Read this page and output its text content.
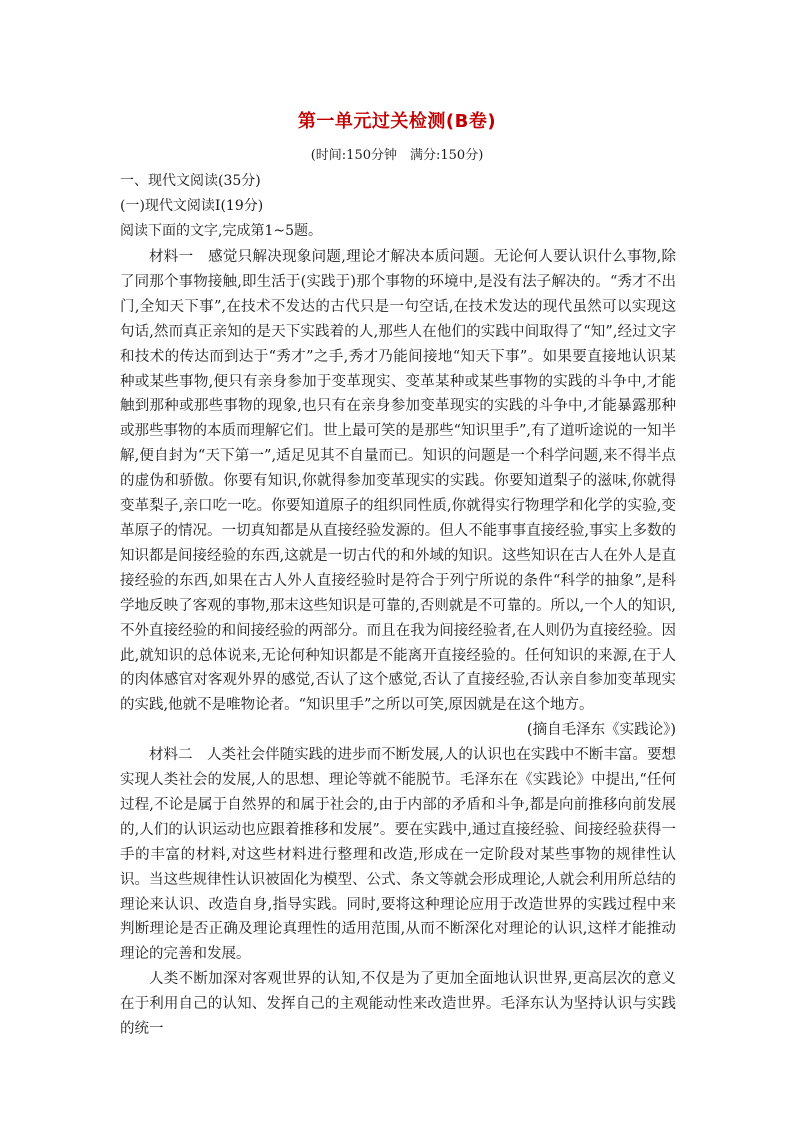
第一单元过关检测(B卷)
(时间:150分钟　满分:150分)
一、现代文阅读(35分)
(一)现代文阅读Ⅰ(19分)
阅读下面的文字,完成第1~5题。

材料一　感觉只解决现象问题,理论才解决本质问题。无论何人要认识什么事物,除了同那个事物接触,即生活于(实践于)那个事物的环境中,是没有法子解决的。“秀才不出门,全知天下事”,在技术不发达的古代只是一句空话,在技术发达的现代虽然可以实现这句话,然而真正亲知的是天下实践着的人,那些人在他们的实践中间取得了“知”,经过文字和技术的传达而到达于“秀才”之手,秀才乃能间接地“知天下事”。如果要直接地认识某种或某些事物,便只有亲身参加于变革现实、变革某种或某些事物的实践的斗争中,才能触到那种或那些事物的现象,也只有在亲身参加变革现实的实践的斗争中,才能暴露那种或那些事物的本质而理解它们。世上最可笑的是那些“知识里手”,有了道听途说的一知半解,便自封为“天下第一”,适足见其不自量而已。知识的问题是一个科学问题,来不得半点的虚伪和骄傲。你要有知识,你就得参加变革现实的实践。你要知道梨子的滋味,你就得变革梨子,亲口吃一吃。你要知道原子的组织同性质,你就得实行物理学和化学的实验,变革原子的情况。一切真知都是从直接经验发源的。但人不能事事直接经验,事实上多数的知识都是间接经验的东西,这就是一切古代的和外域的知识。这些知识在古人在外人是直接经验的东西,如果在古人外人直接经验时是符合于列宁所说的条件“科学的抽象”,是科学地反映了客观的事物,那末这些知识是可靠的,否则就是不可靠的。所以,一个人的知识,不外直接经验的和间接经验的两部分。而且在我为间接经验者,在人则仍为直接经验。因此,就知识的总体说来,无论何种知识都是不能离开直接经验的。任何知识的来源,在于人的肉体感官对客观外界的感觉,否认了这个感觉,否认了直接经验,否认亲自参加变革现实的实践,他就不是唯物论者。“知识里手”之所以可笑,原因就是在这个地方。

(摘自毛泽东《实践论》)

材料二　人类社会伴随实践的进步而不断发展,人的认识也在实践中不断丰富。要想实现人类社会的发展,人的思想、理论等就不能脱节。毛泽东在《实践论》中提出,“任何过程,不论是属于自然界的和属于社会的,由于内部的矛盾和斗争,都是向前推移向前发展的,人们的认识运动也应跟着推移和发展”。要在实践中,通过直接经验、间接经验获得一手的丰富的材料,对这些材料进行整理和改造,形成在一定阶段对某些事物的规律性认识。当这些规律性认识被固化为模型、公式、条文等就会形成理论,人就会利用所总结的理论来认识、改造自身,指导实践。同时,要将这种理论应用于改造世界的实践过程中来判断理论是否正确及理论真理性的适用范围,从而不断深化对理论的认识,这样才能推动理论的完善和发展。

人类不断加深对客观世界的认知,不仅是为了更加全面地认识世界,更高层次的意义在于利用自己的认知、发挥自己的主观能动性来改造世界。毛泽东认为坚持认识与实践的统一
